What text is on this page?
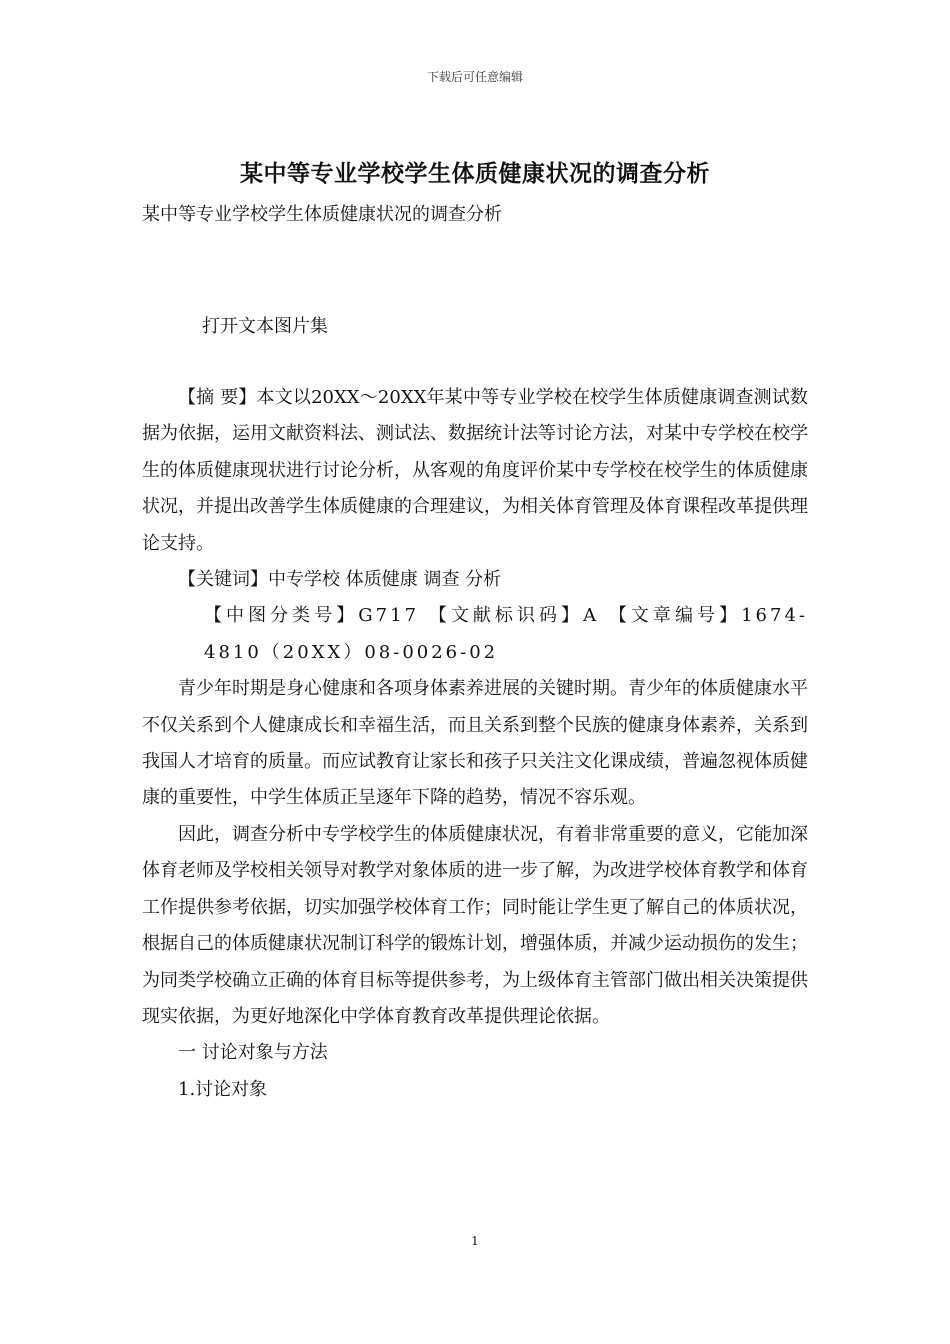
下载后可任意编辑
某中等专业学校学生体质健康状况的调查分析
某中等专业学校学生体质健康状况的调查分析
打开文本图片集

【摘 要】本文以20XX～20XX年某中等专业学校在校学生体质健康调查测试数据为依据，运用文献资料法、测试法、数据统计法等讨论方法，对某中专学校在校学生的体质健康现状进行讨论分析，从客观的角度评价某中专学校在校学生的体质健康状况，并提出改善学生体质健康的合理建议，为相关体育管理及体育课程改革提供理论支持。

【关键词】中专学校 体质健康 调查 分析

【中图分类号】G717 【文献标识码】A 【文章编号】1674-4810（20XX）08-0026-02

青少年时期是身心健康和各项身体素养进展的关键时期。青少年的体质健康水平不仅关系到个人健康成长和幸福生活，而且关系到整个民族的健康身体素养，关系到我国人才培育的质量。而应试教育让家长和孩子只关注文化课成绩，普遍忽视体质健康的重要性，中学生体质正呈逐年下降的趋势，情况不容乐观。

因此，调查分析中专学校学生的体质健康状况，有着非常重要的意义，它能加深体育老师及学校相关领导对教学对象体质的进一步了解，为改进学校体育教学和体育工作提供参考依据，切实加强学校体育工作；同时能让学生更了解自己的体质状况，根据自己的体质健康状况制订科学的锻炼计划，增强体质，并减少运动损伤的发生；为同类学校确立正确的体育目标等提供参考，为上级体育主管部门做出相关决策提供现实依据，为更好地深化中学体育教育改革提供理论依据。

一 讨论对象与方法

1.讨论对象

1
